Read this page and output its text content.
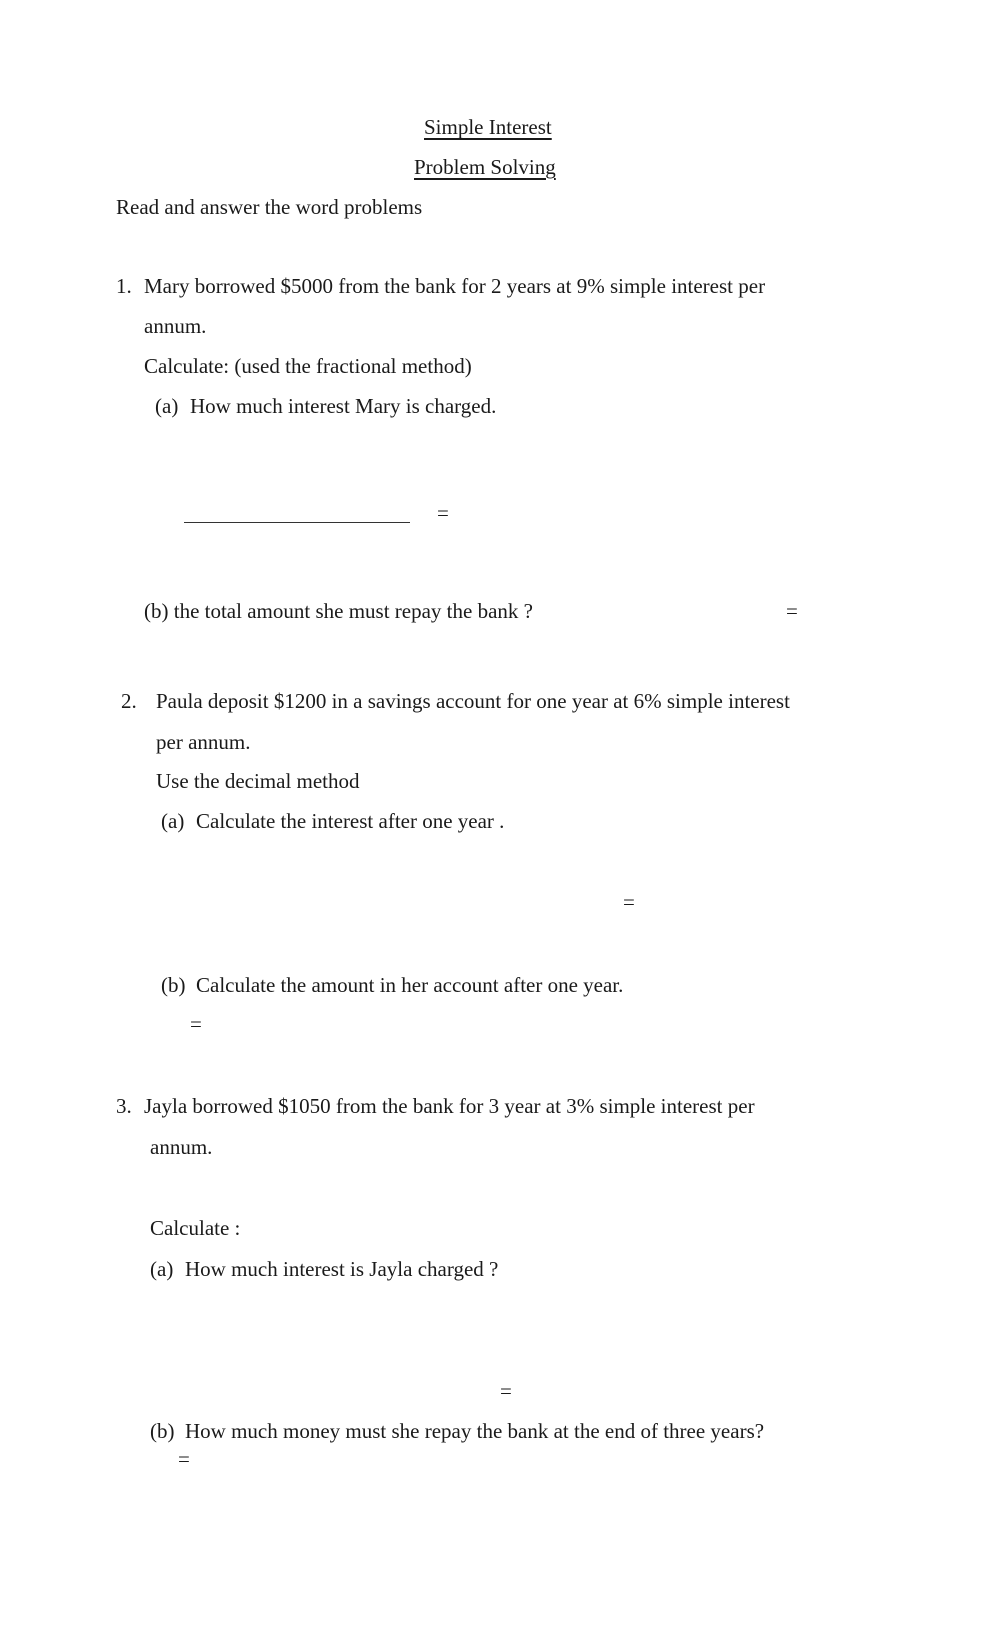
Simple Interest
Problem Solving
Read and answer the word problems
1. Mary borrowed $5000 from the bank for 2 years at 9% simple interest per
annum.
Calculate: (used the fractional method)
(a) How much interest Mary is charged.
=
(b) the total amount she must repay the bank ?	=
2. Paula deposit $1200 in a savings account for one year at 6% simple interest
per annum.
Use the decimal method
(a) Calculate the interest after one year .
=
(b) Calculate the amount in her account after one year.
=
3. Jayla borrowed $1050 from the bank for 3 year at 3% simple interest per
annum.
Calculate :
(a) How much interest is Jayla charged ?
=
(b) How much money must she repay the bank at the end of three years?
=
